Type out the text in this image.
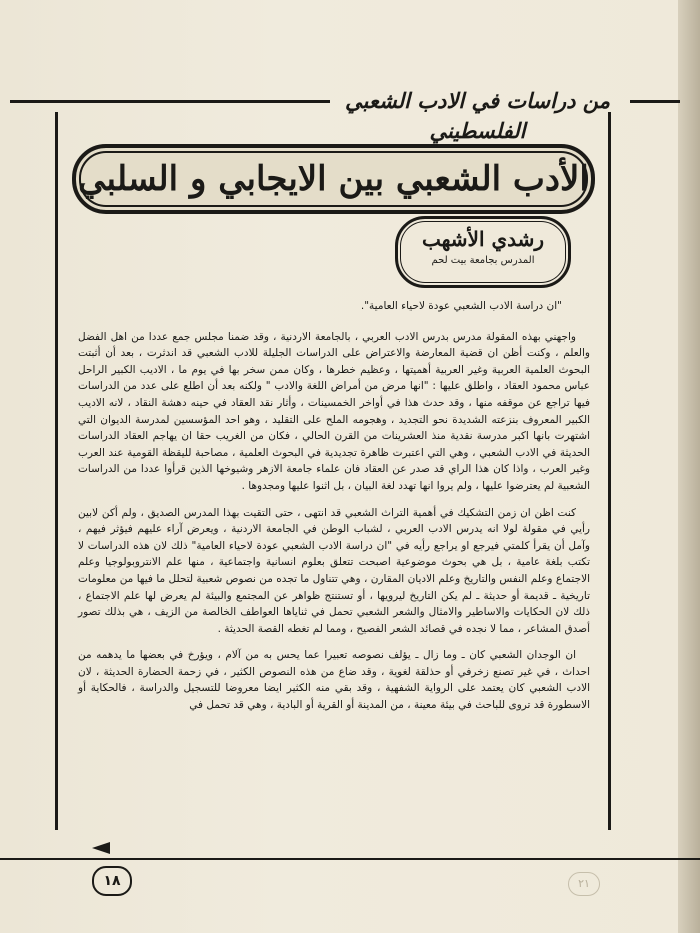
من دراسات في الادب الشعبي الفلسطيني
الأدب الشعبي بين الايجابي و السلبي
رشدي الأشهب
المدرس بجامعة بيت لحم
"ان دراسة الادب الشعبي عودة لاحياء العامية".

واجهني بهذه المقولة مدرس بدرس الادب العربي ، بالجامعة الاردنية ، وقد ضمنا مجلس جمع عددا من اهل الفضل والعلم ، وكنت أظن ان قضية المعارضة والاعتراض على الدراسات الجليلة للادب الشعبي قد اندثرت ، بعد أن أثبتت البحوث العلمية العربية وغير العربية أهميتها ، وعظيم خطرها ، وكان ممن سخر بها في يوم ما ، الاديب الكبير الراحل عباس محمود العقاد ، واطلق عليها : "انها مرض من أمراض اللغة والادب " ولكنه بعد أن اطلع على عدد من الدراسات فيها تراجع عن موقفه منها ، وقد حدث هذا في أواخر الخمسينات ، وأثار نقد العقاد في حينه دهشة النقاد ، لانه الاديب الكبير المعروف بنزعته الشديدة نحو التجديد ، وهجومه الملح على التقليد ، وهو احد المؤسسين لمدرسة الديوان التي اشتهرت بانها اكبر مدرسة نقدية منذ العشرينات من القرن الحالي ، فكان من الغريب حقا ان يهاجم العقاد الدراسات الحديثة في الادب الشعبي ، وهي التي اعتبرت ظاهرة تجديدية في البحوث العلمية ، مصاحبة لليقظة القومية عند العرب وغير العرب ، واذا كان هذا الراي قد صدر عن العقاد فان علماء جامعة الازهر وشيوخها الذين قرأوا عددا من الدراسات الشعبية لم يعترضوا عليها ، ولم يروا انها تهدد لغة البيان ، بل اثنوا عليها ومجدوها .

كنت اظن ان زمن التشكيك في أهمية التراث الشعبي قد انتهى ، حتى التقيت بهذا المدرس الصديق ، ولم أكن لابين رأيي في مقولة لولا انه يدرس الادب العربي ، لشباب الوطن في الجامعة الاردنية ، ويعرض آراء عليهم فيؤثر فيهم ، وآمل أن يقرأ كلمتي فيرجع او يراجع رأيه في "ان دراسة الادب الشعبي عودة لاحياء العامية" ذلك لان هذه الدراسات لا تكتب بلغة عامية ، بل هي بحوث موضوعية اصبحت تتعلق بعلوم انسانية واجتماعية ، منها علم الانتروبولوجيا وعلم الاجتماع وعلم النفس والتاريخ وعلم الاديان المقارن ، وهي تتناول ما تجده من نصوص شعبية لتحلل ما فيها من معلومات تاريخية ـ قديمة أو حديثة ـ لم يكن التاريخ ليرويها ، أو تستنتج ظواهر عن المجتمع والبيئة لم يعرض لها علم الاجتماع ، ذلك لان الحكايات والاساطير والامثال والشعر الشعبي تحمل في ثناياها العواطف الخالصة من الزيف ، هي بذلك تصور أصدق المشاعر ، مما لا نجده في قصائد الشعر الفصيح ، ومما لم تغطه القصة الحديثة .

ان الوجدان الشعبي كان ـ وما زال ـ يؤلف نصوصه تعبيرا عما يحس به من آلام ، ويؤرخ في بعضها ما يدهمه من احداث ، في غير تصنع زخرفي أو حذلقة لغوية ، وقد ضاع من هذه النصوص الكثير ، في زحمة الحضارة الحديثة ، لان الادب الشعبي كان يعتمد على الرواية الشفهية ، وقد بقي منه الكثير ايضا معروضا للتسجيل والدراسة ، فالحكاية أو الاسطورة قد تروى للباحث في بيئة معينة ، من المدينة أو القرية أو البادية ، وهي قد تحمل في

١٨	٢١
